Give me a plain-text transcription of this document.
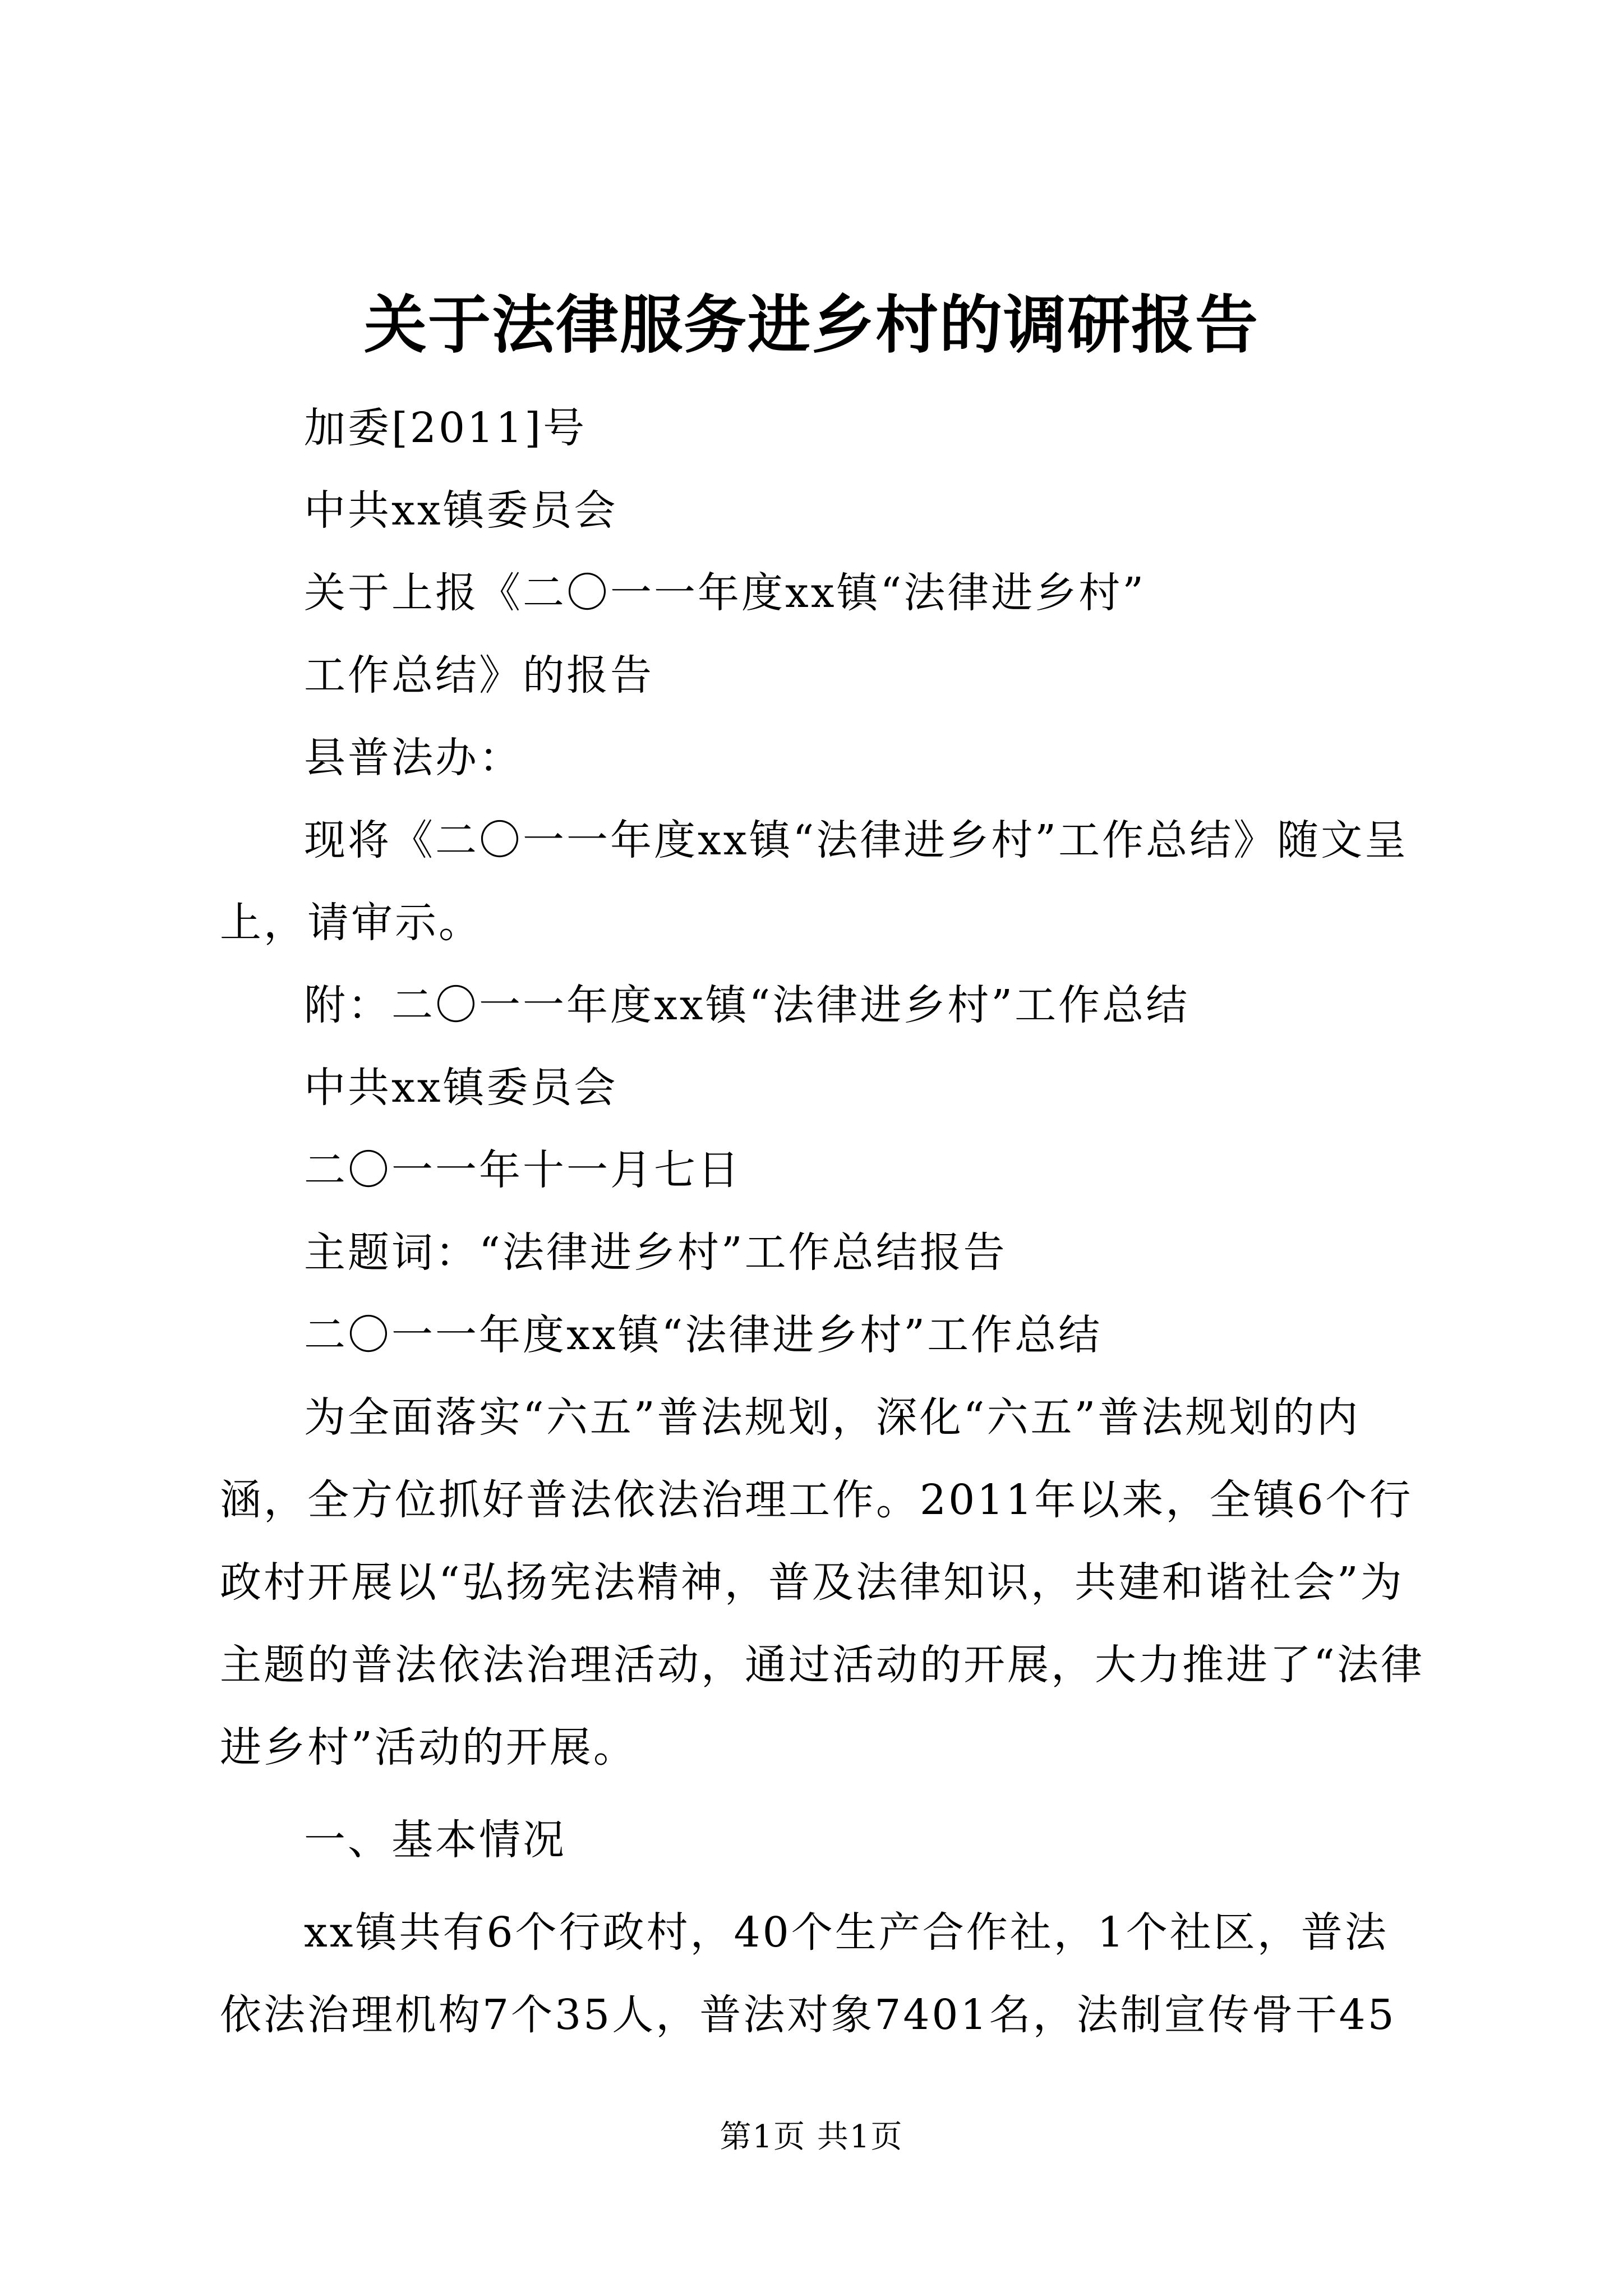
关于法律服务进乡村的调研报告
加委[2011]号
中共xx镇委员会
关于上报《二〇一一年度xx镇“法律进乡村”
工作总结》的报告
县普法办：

现将《二〇一一年度xx镇“法律进乡村”工作总结》随文呈上，请审示。

附：二〇一一年度xx镇“法律进乡村”工作总结
中共xx镇委员会
二〇一一年十一月七日
主题词：“法律进乡村”工作总结报告
二〇一一年度xx镇“法律进乡村”工作总结

为全面落实“六五”普法规划，深化“六五”普法规划的内涵，全方位抓好普法依法治理工作。2011年以来，全镇6个行政村开展以“弘扬宪法精神，普及法律知识，共建和谐社会”为主题的普法依法治理活动，通过活动的开展，大力推进了“法律进乡村”活动的开展。

一、基本情况

xx镇共有6个行政村，40个生产合作社，1个社区，普法依法治理机构7个35人，普法对象7401名，法制宣传骨干45

第1页 共1页
